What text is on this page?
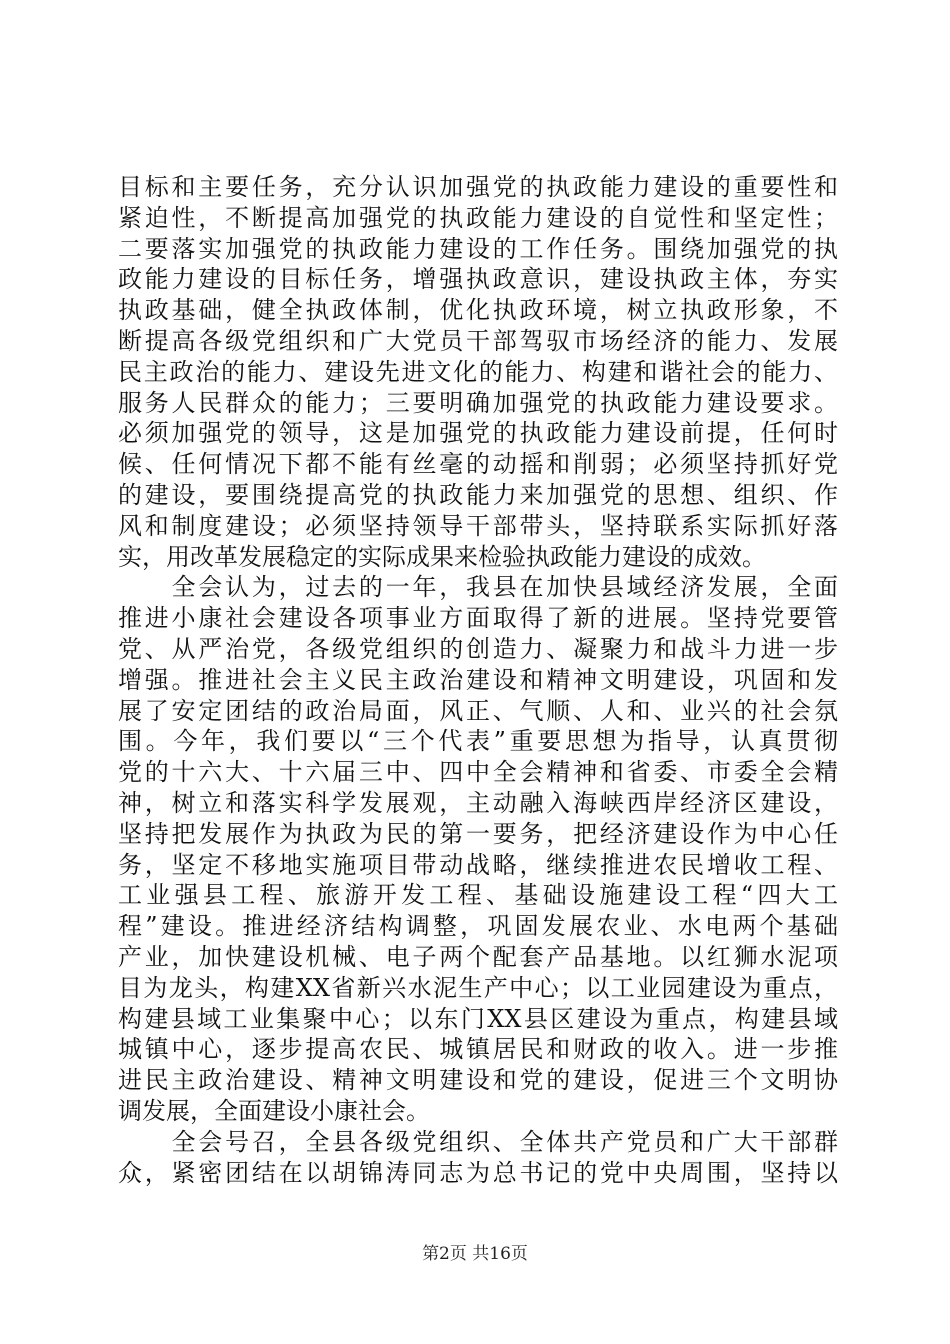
目标和主要任务，充分认识加强党的执政能力建设的重要性和
紧迫性，不断提高加强党的执政能力建设的自觉性和坚定性；
二要落实加强党的执政能力建设的工作任务。围绕加强党的执
政能力建设的目标任务，增强执政意识，建设执政主体，夯实
执政基础，健全执政体制，优化执政环境，树立执政形象，不
断提高各级党组织和广大党员干部驾驭市场经济的能力、发展
民主政治的能力、建设先进文化的能力、构建和谐社会的能力、
服务人民群众的能力；三要明确加强党的执政能力建设要求。
必须加强党的领导，这是加强党的执政能力建设前提，任何时
候、任何情况下都不能有丝毫的动摇和削弱；必须坚持抓好党
的建设，要围绕提高党的执政能力来加强党的思想、组织、作
风和制度建设；必须坚持领导干部带头，坚持联系实际抓好落
实，用改革发展稳定的实际成果来检验执政能力建设的成效。
　　全会认为，过去的一年，我县在加快县域经济发展，全面
推进小康社会建设各项事业方面取得了新的进展。坚持党要管
党、从严治党，各级党组织的创造力、凝聚力和战斗力进一步
增强。推进社会主义民主政治建设和精神文明建设，巩固和发
展了安定团结的政治局面，风正、气顺、人和、业兴的社会氛
围。今年，我们要以“三个代表”重要思想为指导，认真贯彻
党的十六大、十六届三中、四中全会精神和省委、市委全会精
神，树立和落实科学发展观，主动融入海峡西岸经济区建设，
坚持把发展作为执政为民的第一要务，把经济建设作为中心任
务，坚定不移地实施项目带动战略，继续推进农民增收工程、
工业强县工程、旅游开发工程、基础设施建设工程“四大工
程”建设。推进经济结构调整，巩固发展农业、水电两个基础
产业，加快建设机械、电子两个配套产品基地。以红狮水泥项
目为龙头，构建XX省新兴水泥生产中心；以工业园建设为重点，
构建县域工业集聚中心；以东门XX县区建设为重点，构建县域
城镇中心，逐步提高农民、城镇居民和财政的收入。进一步推
进民主政治建设、精神文明建设和党的建设，促进三个文明协
调发展，全面建设小康社会。
　　全会号召，全县各级党组织、全体共产党员和广大干部群
众，紧密团结在以胡锦涛同志为总书记的党中央周围，坚持以
第2页 共16页
